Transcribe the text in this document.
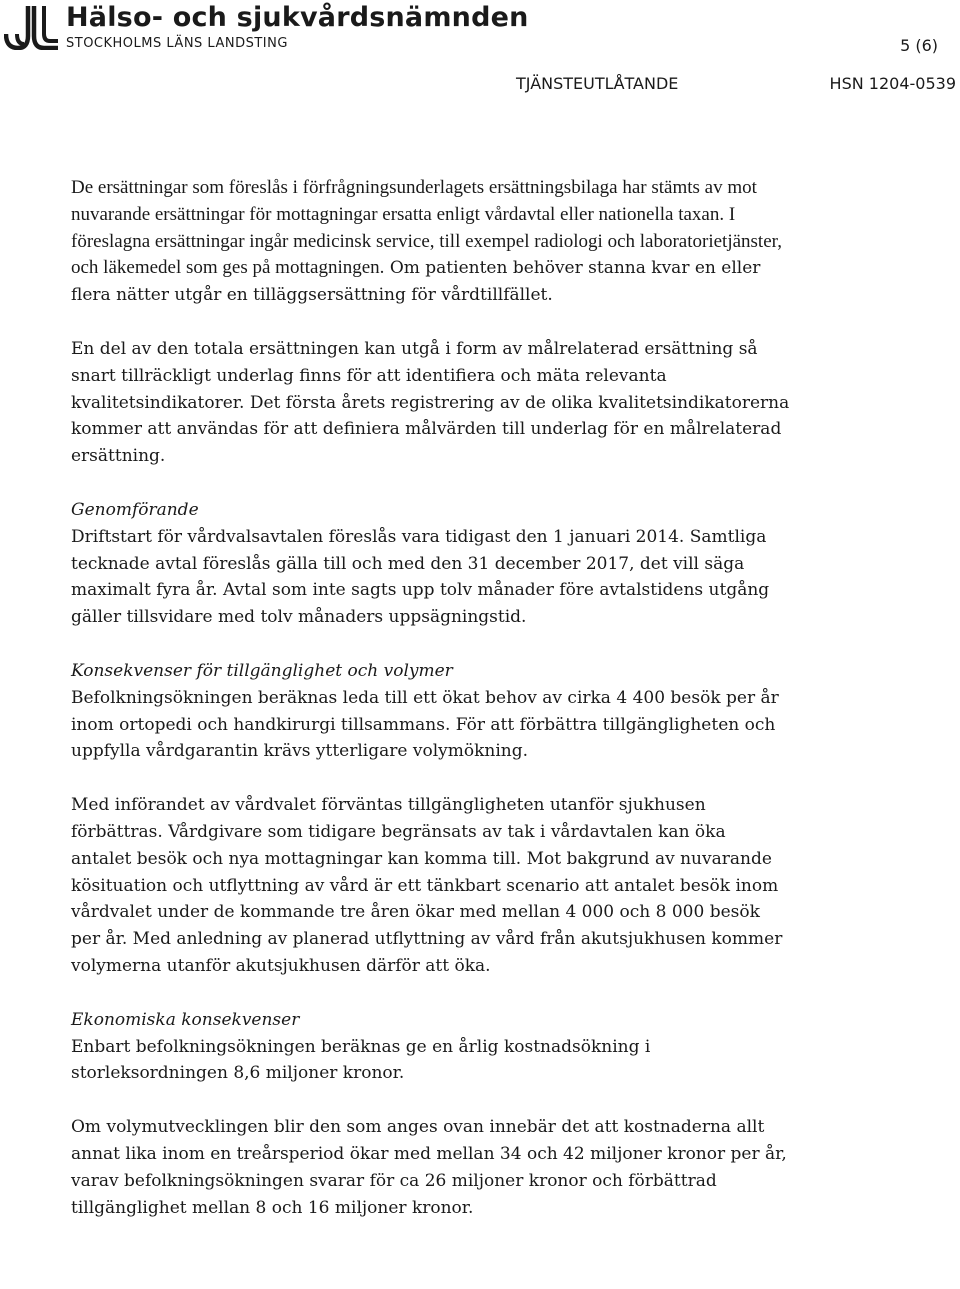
Hälso- och sjukvårdsnämnden
STOCKHOLMS LÄNS LANDSTING	5 (6)
TJÄNSTEUTLÅTANDE	HSN 1204-0539

De ersättningar som föreslås i förfrågningsunderlagets ersättningsbilaga har stämts av mot nuvarande ersättningar för mottagningar ersatta enligt vårdavtal eller nationella taxan. I föreslagna ersättningar ingår medicinsk service, till exempel radiologi och laboratorietjänster, och läkemedel som ges på mottagningen. Om patienten behöver stanna kvar en eller flera nätter utgår en tilläggsersättning för vårdtillfället.

En del av den totala ersättningen kan utgå i form av målrelaterad ersättning så snart tillräckligt underlag finns för att identifiera och mäta relevanta kvalitetsindikatorer. Det första årets registrering av de olika kvalitetsindikatorerna kommer att användas för att definiera målvärden till underlag för en målrelaterad ersättning.

Genomförande

Driftstart för vårdvalsavtalen föreslås vara tidigast den 1 januari 2014. Samtliga tecknade avtal föreslås gälla till och med den 31 december 2017, det vill säga maximalt fyra år. Avtal som inte sagts upp tolv månader före avtalstidens utgång gäller tillsvidare med tolv månaders uppsägningstid.

Konsekvenser för tillgänglighet och volymer

Befolkningsökningen beräknas leda till ett ökat behov av cirka 4 400 besök per år inom ortopedi och handkirurgi tillsammans. För att förbättra tillgängligheten och uppfylla vårdgarantin krävs ytterligare volymökning.

Med införandet av vårdvalet förväntas tillgängligheten utanför sjukhusen förbättras. Vårdgivare som tidigare begränsats av tak i vårdavtalen kan öka antalet besök och nya mottagningar kan komma till. Mot bakgrund av nuvarande kösituation och utflyttning av vård är ett tänkbart scenario att antalet besök inom vårdvalet under de kommande tre åren ökar med mellan 4 000 och 8 000 besök per år. Med anledning av planerad utflyttning av vård från akutsjukhusen kommer volymerna utanför akutsjukhusen därför att öka.

Ekonomiska konsekvenser

Enbart befolkningsökningen beräknas ge en årlig kostnadsökning i storleksordningen 8,6 miljoner kronor.

Om volymutvecklingen blir den som anges ovan innebär det att kostnaderna allt annat lika inom en treårsperiod ökar med mellan 34 och 42 miljoner kronor per år, varav befolkningsökningen svarar för ca 26 miljoner kronor och förbättrad tillgänglighet mellan 8 och 16 miljoner kronor.
